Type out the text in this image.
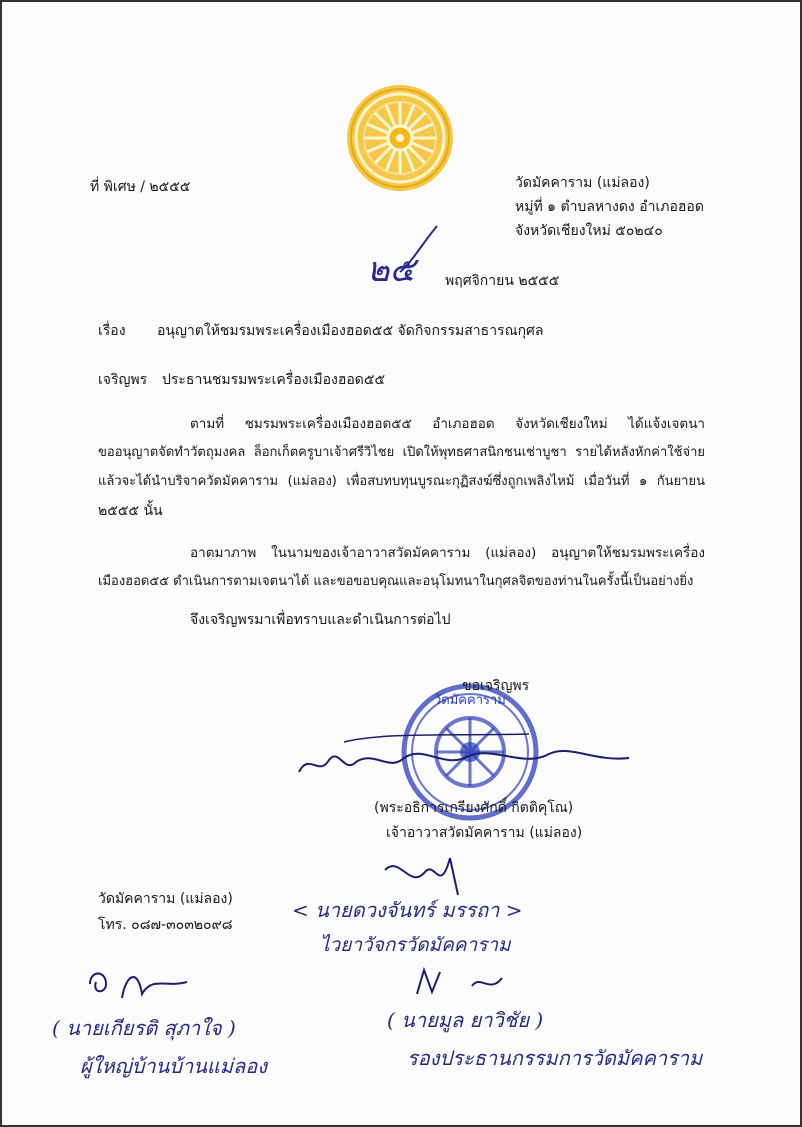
ที่ พิเศษ / ๒๕๕๕	วัดมัคคาราม (แม่ลอง)
หมู่ที่ ๑ ตำบลหางดง อำเภอฮอด
จังหวัดเชียงใหม่ ๕๐๒๔๐
๒๕ พฤศจิกายน ๒๕๕๕
เรื่อง อนุญาตให้ชมรมพระเครื่องเมืองฮอด๕๕ จัดกิจกรรมสาธารณกุศล
เจริญพร ประธานชมรมพระเครื่องเมืองฮอด๕๕
ตามที่ ชมรมพระเครื่องเมืองฮอด๕๕ อำเภอฮอด จังหวัดเชียงใหม่ ได้แจ้งเจตนา
ขออนุญาตจัดทำวัตถุมงคล ล็อกเก็ตครูบาเจ้าศรีวิไชย เปิดให้พุทธศาสนิกชนเช่าบูชา รายได้หลังหักค่าใช้จ่าย
แล้วจะได้นำบริจาควัดมัคคาราม (แม่ลอง) เพื่อสบทบทุนบูรณะกุฏิสงฆ์ซึ่งถูกเพลิงไหม้ เมื่อวันที่ ๑ กันยายน
๒๕๕๕ นั้น
อาตมาภาพ ในนามของเจ้าอาวาสวัดมัคคาราม (แม่ลอง) อนุญาตให้ชมรมพระเครื่อง
เมืองฮอด๕๕ ดำเนินการตามเจตนาได้ และขอขอบคุณและอนุโมทนาในกุศลจิตของท่านในครั้งนี้เป็นอย่างยิ่ง
จึงเจริญพรมาเพื่อทราบและดำเนินการต่อไป
วัดมัคคาราม
ขอเจริญพร
(พระอธิการเกรียงศักดิ์ กิตติคุโณ)
เจ้าอาวาสวัดมัคคาราม (แม่ลอง)
วัดมัคคาราม (แม่ลอง)
โทร. ๐๘๗-๓๐๓๒๐๙๘
< นายดวงจันทร์ มรรถา >
ไวยาวัจกรวัดมัคคาราม
( นายมูล ยาวิชัย )
รองประธานกรรมการวัดมัคคาราม
( นายเกียรติ สุภาใจ )
ผู้ใหญ่บ้านบ้านแม่ลอง
